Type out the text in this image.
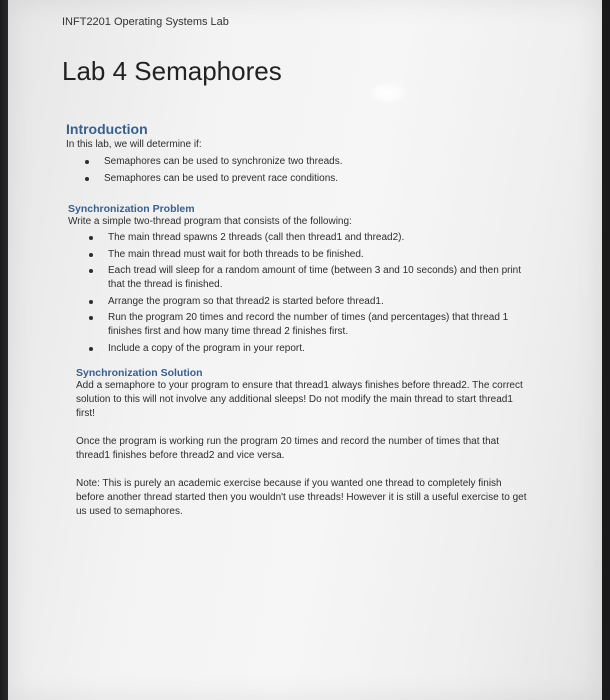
INFT2201 Operating Systems Lab
Lab 4 Semaphores
Introduction

In this lab, we will determine if:

Semaphores can be used to synchronize two threads.
Semaphores can be used to prevent race conditions.
Synchronization Problem

Write a simple two-thread program that consists of the following:

The main thread spawns 2 threads (call then thread1 and thread2).
The main thread must wait for both threads to be finished.
Each tread will sleep for a random amount of time (between 3 and 10 seconds) and then print that the thread is finished.
Arrange the program so that thread2 is started before thread1.
Run the program 20 times and record the number of times (and percentages) that thread 1 finishes first and how many time thread 2 finishes first.
Include a copy of the program in your report.
Synchronization Solution

Add a semaphore to your program to ensure that thread1 always finishes before thread2. The correct solution to this will not involve any additional sleeps! Do not modify the main thread to start thread1 first!

Once the program is working run the program 20 times and record the number of times that that thread1 finishes before thread2 and vice versa.

Note: This is purely an academic exercise because if you wanted one thread to completely finish before another thread started then you wouldn't use threads! However it is still a useful exercise to get us used to semaphores.
